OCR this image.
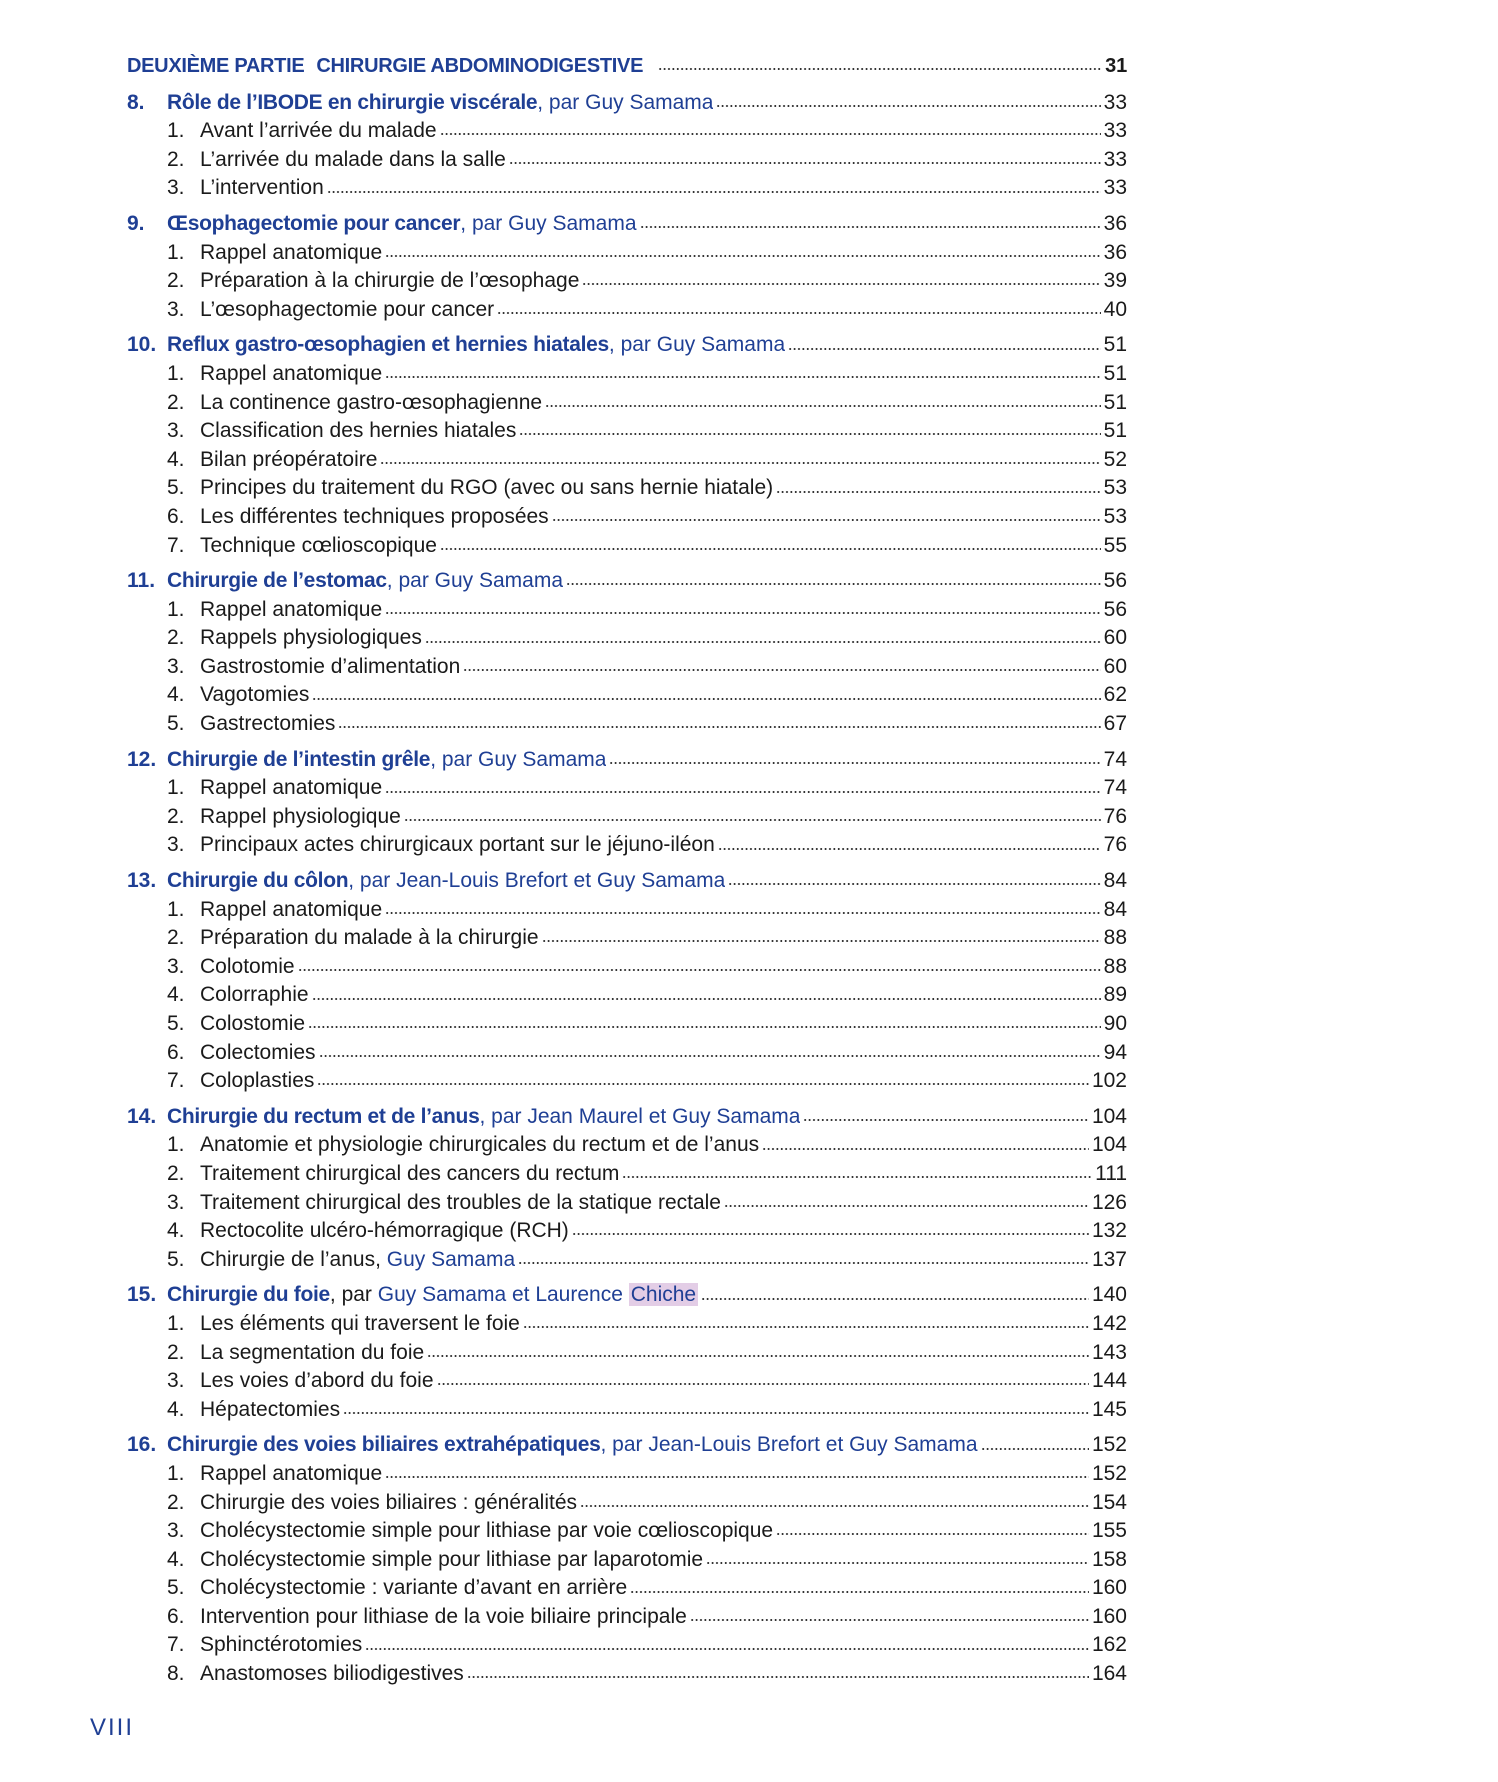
DEUXIÈME PARTIE CHIRURGIE ABDOMINODIGESTIVE	31
8.	Rôle de l’IBODE en chirurgie viscérale, par Guy Samama	33
1. Avant l’arrivée du malade	33
2. L’arrivée du malade dans la salle	33
3. L’intervention	33
9.	Œsophagectomie pour cancer, par Guy Samama	36
1. Rappel anatomique	36
2. Préparation à la chirurgie de l’œsophage	39
3. L’œsophagectomie pour cancer	40
10. Reflux gastro-œsophagien et hernies hiatales, par Guy Samama	51
1. Rappel anatomique	51
2. La continence gastro-œsophagienne	51
3. Classification des hernies hiatales	51
4. Bilan préopératoire	52
5. Principes du traitement du RGO (avec ou sans hernie hiatale)	53
6. Les différentes techniques proposées	53
7. Technique cœlioscopique	55
11. Chirurgie de l’estomac, par Guy Samama	56
1. Rappel anatomique	56
2. Rappels physiologiques	60
3. Gastrostomie d’alimentation	60
4. Vagotomies	62
5. Gastrectomies	67
12. Chirurgie de l’intestin grêle, par Guy Samama	74
1. Rappel anatomique	74
2. Rappel physiologique	76
3. Principaux actes chirurgicaux portant sur le jéjuno-iléon	76
13. Chirurgie du côlon, par Jean-Louis Brefort et Guy Samama	84
1. Rappel anatomique	84
2. Préparation du malade à la chirurgie	88
3. Colotomie	88
4. Colorraphie	89
5. Colostomie	90
6. Colectomies	94
7. Coloplasties	102
14. Chirurgie du rectum et de l’anus, par Jean Maurel et Guy Samama	104
1. Anatomie et physiologie chirurgicales du rectum et de l’anus	104
2. Traitement chirurgical des cancers du rectum	111
3. Traitement chirurgical des troubles de la statique rectale	126
4. Rectocolite ulcéro-hémorragique (RCH)	132
5. Chirurgie de l’anus, Guy Samama	137
15. Chirurgie du foie, par Guy Samama et Laurence Chiche	140
1. Les éléments qui traversent le foie	142
2. La segmentation du foie	143
3. Les voies d’abord du foie	144
4. Hépatectomies	145
16. Chirurgie des voies biliaires extrahépatiques, par Jean-Louis Brefort et Guy Samama	152
1. Rappel anatomique	152
2. Chirurgie des voies biliaires : généralités	154
3. Cholécystectomie simple pour lithiase par voie cœlioscopique	155
4. Cholécystectomie simple pour lithiase par laparotomie	158
5. Cholécystectomie : variante d’avant en arrière	160
6. Intervention pour lithiase de la voie biliaire principale	160
7. Sphinctérotomies	162
8. Anastomoses biliodigestives	164
VIII
